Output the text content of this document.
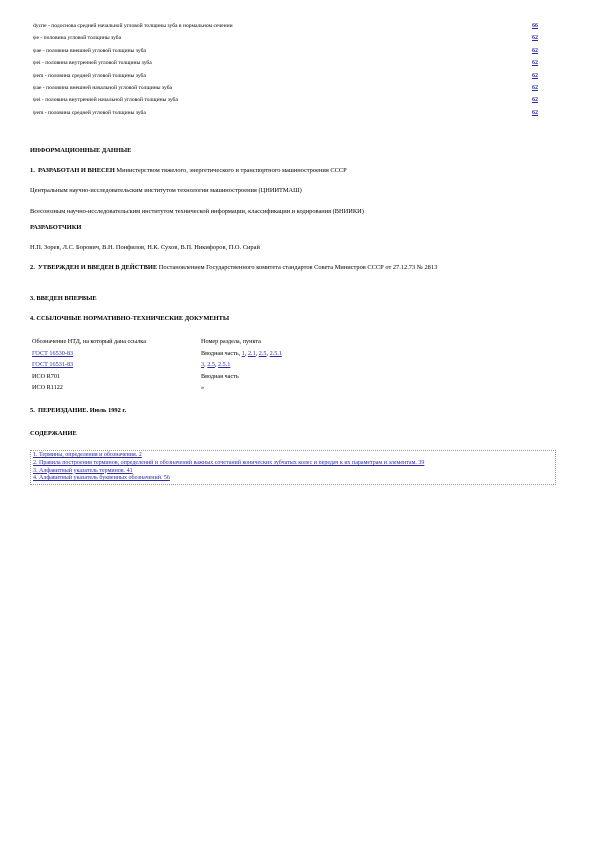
dуспе - подоснова средней начальной угловой толщины зуба в нормальном сечении	66
ψe - половина угловой толщины зуба	62
ψae - половина внешней угловой толщины зуба	62
ψei - половина внутренней угловой толщины зуба	62
ψem - половина средней угловой толщины зуба	62
ψae - половина внешней начальной угловой толщины зуба	62
ψei - половина внутренней начальной угловой толщины зуба	62
ψem - половина средней угловой толщины зуба	62
ИНФОРМАЦИОННЫЕ ДАННЫЕ
1. РАЗРАБОТАН И ВНЕСЕН Министерством тяжелого, энергетического и транспортного машиностроения СССР
Центральным научно-исследовательским институтом технологии машиностроения (ЦНИИТМАШ)
Всесоюзным научно-исследовательским институтом технической информации, классификации и кодирования (ВНИИКИ)
РАЗРАБОТЧИКИ
Н.П. Зорев, Л.С. Борович, В.Н. Понфилов, Н.К. Сухов, В.П. Никифоров, П.О. Сирай
2. УТВЕРЖДЕН И ВВЕДЕН В ДЕЙСТВИЕ Постановлением Государственного комитета стандартов Совета Министров СССР от 27.12.73 № 2813
3. ВВЕДЕН ВПЕРВЫЕ
4. ССЫЛОЧНЫЕ НОРМАТИВНО-ТЕХНИЧЕСКИЕ ДОКУМЕНТЫ
Обозначение НТД, на который дана ссылка	Номер раздела, пункта
ГОСТ 16530-83	Вводная часть, 1, 2.1, 2.5, 2.5.1
ГОСТ 16531-83	3, 2.5, 2.5.1
ИСО R701	Вводная часть
ИСО R1122	»
5. ПЕРЕИЗДАНИЕ. Июль 1992 г.
СОДЕРЖАНИЕ
1. Термины, определения и обозначения. 2
2. Правила построения терминов, определений и обозначений важных сочетаний конических зубчатых колес и передач к их параметрам и элементам. 39
3. Алфавитный указатель терминов. 41
4. Алфавитный указатель буквенных обозначений. 56
